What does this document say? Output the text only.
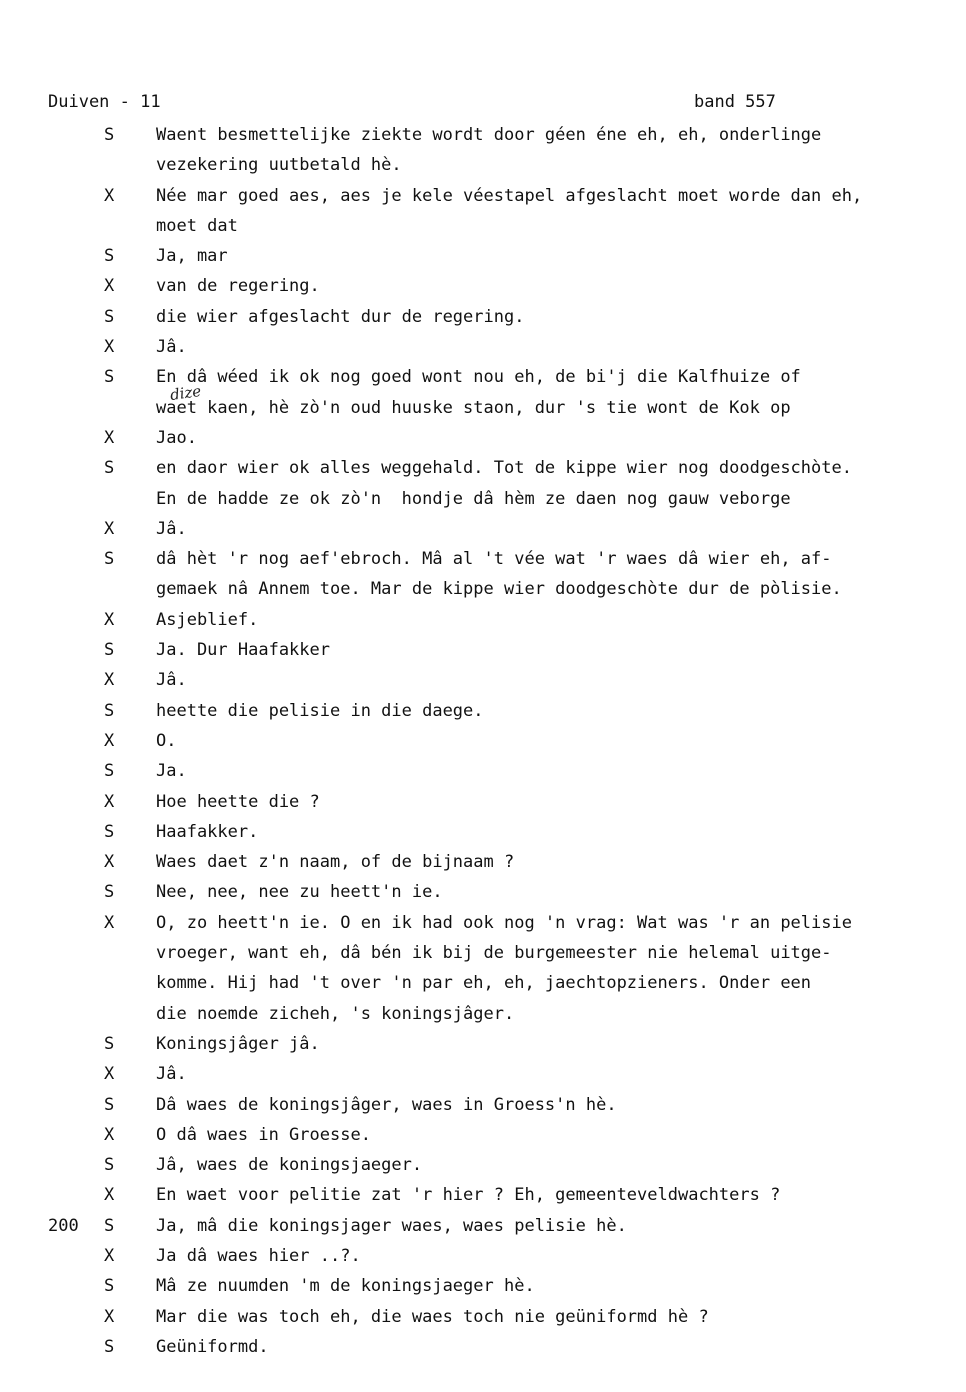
Duiven - 11	band 557
dize
S	Waent besmettelijke ziekte wordt door géen éne eh, eh, onderlinge
vezekering uutbetald hè.
X	Née mar goed aes, aes je kele véestapel afgeslacht moet worde dan eh,
moet dat
S	Ja, mar
X	van de regering.
S	die wier afgeslacht dur de regering.
X	Jâ.
S	En dâ wéed ik ok nog goed wont nou eh, de bi'j die Kalfhuize of
waet kaen, hè zò'n oud huuske staon, dur 's tie wont de Kok op
X	Jao.
S	en daor wier ok alles weggehald. Tot de kippe wier nog doodgeschòte.
En de hadde ze ok zò'n  hondje dâ hèm ze daen nog gauw veborge
X	Jâ.
S	dâ hèt 'r nog aef'ebroch. Mâ al 't vée wat 'r waes dâ wier eh, af-
gemaek nâ Annem toe. Mar de kippe wier doodgeschòte dur de pòlisie.
X	Asjeblief.
S	Ja. Dur Haafakker
X	Jâ.
S	heette die pelisie in die daege.
X	O.
S	Ja.
X	Hoe heette die ?
S	Haafakker.
X	Waes daet z'n naam, of de bijnaam ?
S	Nee, nee, nee zu heett'n ie.
X	O, zo heett'n ie. O en ik had ook nog 'n vrag: Wat was 'r an pelisie
vroeger, want eh, dâ bén ik bij de burgemeester nie helemal uitge-
komme. Hij had 't over 'n par eh, eh, jaechtopzieners. Onder een
die noemde zicheh, 's koningsjâger.
S	Koningsjâger jâ.
X	Jâ.
S	Dâ waes de koningsjâger, waes in Groess'n hè.
X	O dâ waes in Groesse.
S	Jâ, waes de koningsjaeger.
X	En waet voor pelitie zat 'r hier ? Eh, gemeenteveldwachters ?
200	S	Ja, mâ die koningsjager waes, waes pelisie hè.
X	Ja dâ waes hier ..?.
S	Mâ ze nuumden 'm de koningsjaeger hè.
X	Mar die was toch eh, die waes toch nie geüniformd hè ?
S	Geüniformd.
